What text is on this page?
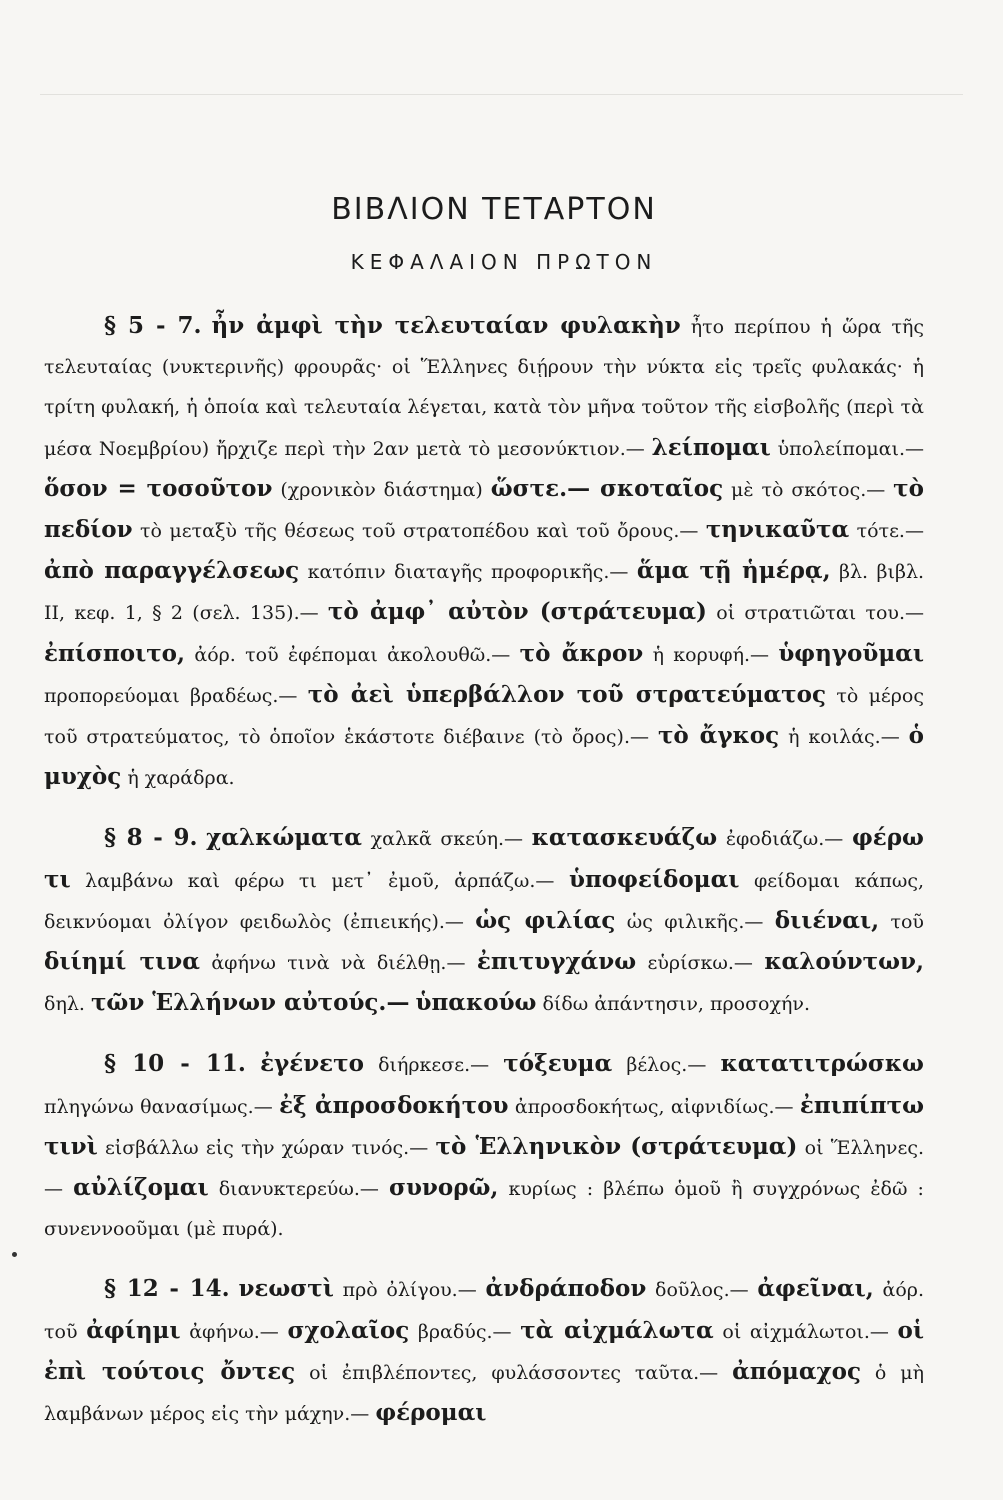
ΒΙΒΛΙΟΝ ΤΕΤΑΡΤΟΝ
ΚΕΦΑΛΑΙΟΝ ΠΡΩΤΟΝ

§ 5 - 7. ἦν ἀμφὶ τὴν τελευταίαν φυλακὴν ἦτο περίπου ἡ ὥρα τῆς τελευταίας (νυκτερινῆς) φρουρᾶς· οἱ Ἕλληνες διῄρουν τὴν νύκτα εἰς τρεῖς φυλακάς· ἡ τρίτη φυλακή, ἡ ὁποία καὶ τελευταία λέγεται, κατὰ τὸν μῆνα τοῦτον τῆς εἰσβολῆς (περὶ τὰ μέσα Νοεμβρίου) ἤρχιζε περὶ τὴν 2αν μετὰ τὸ μεσονύκτιον.— λείπομαι ὑπολείπομαι.— ὅσον = τοσοῦτον (χρονικὸν διάστημα) ὥστε.— σκοταῖος μὲ τὸ σκότος.— τὸ πεδίον τὸ μεταξὺ τῆς θέσεως τοῦ στρατοπέδου καὶ τοῦ ὄρους.— τηνικαῦτα τότε.— ἀπὸ παραγγέλσεως κατόπιν διαταγῆς προφορικῆς.— ἅμα τῇ ἡμέρᾳ, βλ. βιβλ. II, κεφ. 1, § 2 (σελ. 135).— τὸ ἀμφ᾽ αὐτὸν (στράτευμα) οἱ στρατιῶται του.— ἐπίσποιτο, ἀόρ. τοῦ ἐφέπομαι ἀκολουθῶ.— τὸ ἄκρον ἡ κορυφή.— ὑφηγοῦμαι προπορεύομαι βραδέως.— τὸ ἀεὶ ὑπερβάλλον τοῦ στρατεύματος τὸ μέρος τοῦ στρατεύματος, τὸ ὁποῖον ἑκάστοτε διέβαινε (τὸ ὄρος).— τὸ ἄγκος ἡ κοιλάς.— ὁ μυχὸς ἡ χαράδρα.

§ 8 - 9. χαλκώματα χαλκᾶ σκεύη.— κατασκευάζω ἐφοδιάζω.— φέρω τι λαμβάνω καὶ φέρω τι μετ᾽ ἐμοῦ, ἁρπάζω.— ὑποφείδομαι φείδομαι κάπως, δεικνύομαι ὀλίγον φειδωλὸς (ἐπιεικής).— ὡς φιλίας ὡς φιλικῆς.— διιέναι, τοῦ διίημί τινα ἀφήνω τινὰ νὰ διέλθῃ.— ἐπιτυγχάνω εὑρίσκω.— καλούντων, δηλ. τῶν Ἑλλήνων αὐτούς.— ὑπακούω δίδω ἀπάντησιν, προσοχήν.

§ 10 - 11. ἐγένετο διήρκεσε.— τόξευμα βέλος.— κατατιτρώσκω πληγώνω θανασίμως.— ἐξ ἀπροσδοκήτου ἀπροσδοκήτως, αἰφνιδίως.— ἐπιπίπτω τινὶ εἰσβάλλω εἰς τὴν χώραν τινός.— τὸ Ἑλληνικὸν (στράτευμα) οἱ Ἕλληνες.— αὐλίζομαι διανυκτερεύω.— συνορῶ, κυρίως : βλέπω ὁμοῦ ἢ συγχρόνως ἐδῶ : συνεννοοῦμαι (μὲ πυρά).

§ 12 - 14. νεωστὶ πρὸ ὀλίγου.— ἀνδράποδον δοῦλος.— ἀφεῖναι, ἀόρ. τοῦ ἀφίημι ἀφήνω.— σχολαῖος βραδύς.— τὰ αἰχμάλωτα οἱ αἰχμάλωτοι.— οἱ ἐπὶ τούτοις ὄντες οἱ ἐπιβλέποντες, φυλάσσοντες ταῦτα.— ἀπόμαχος ὁ μὴ λαμβάνων μέρος εἰς τὴν μάχην.— φέρομαι
